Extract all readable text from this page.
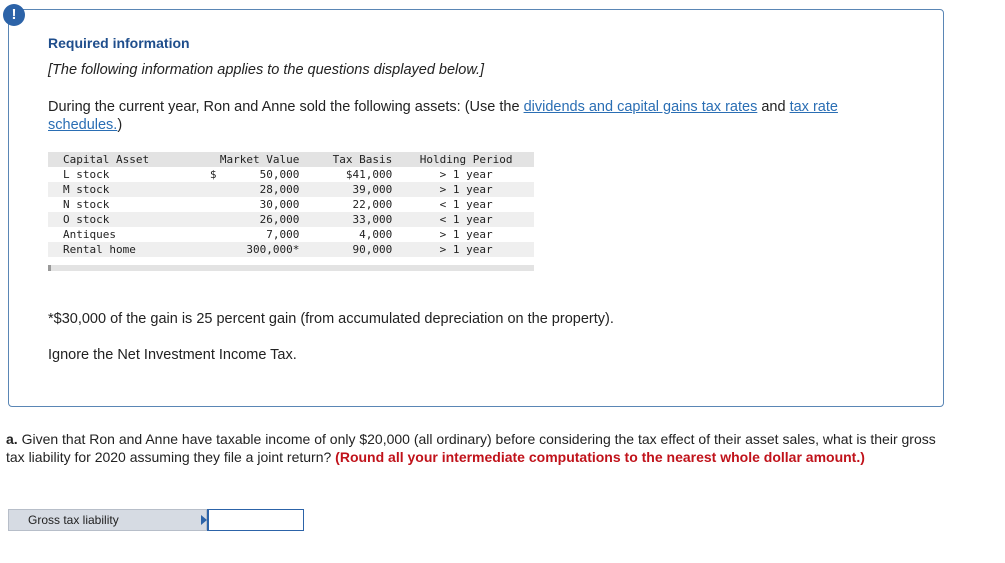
!
Required information
[The following information applies to the questions displayed below.]
During the current year, Ron and Anne sold the following assets: (Use the dividends and capital gains tax rates and tax rate schedules.)
Capital Asset	Market Value	Tax Basis	Holding Period
L stock	$ 50,000	$41,000	> 1 year
M stock	28,000	39,000	> 1 year
N stock	30,000	22,000	< 1 year
O stock	26,000	33,000	< 1 year
Antiques	7,000	4,000	> 1 year
Rental home	300,000*	90,000	> 1 year
*$30,000 of the gain is 25 percent gain (from accumulated depreciation on the property).
Ignore the Net Investment Income Tax.
a. Given that Ron and Anne have taxable income of only $20,000 (all ordinary) before considering the tax effect of their asset sales, what is their gross tax liability for 2020 assuming they file a joint return? (Round all your intermediate computations to the nearest whole dollar amount.)
Gross tax liability
